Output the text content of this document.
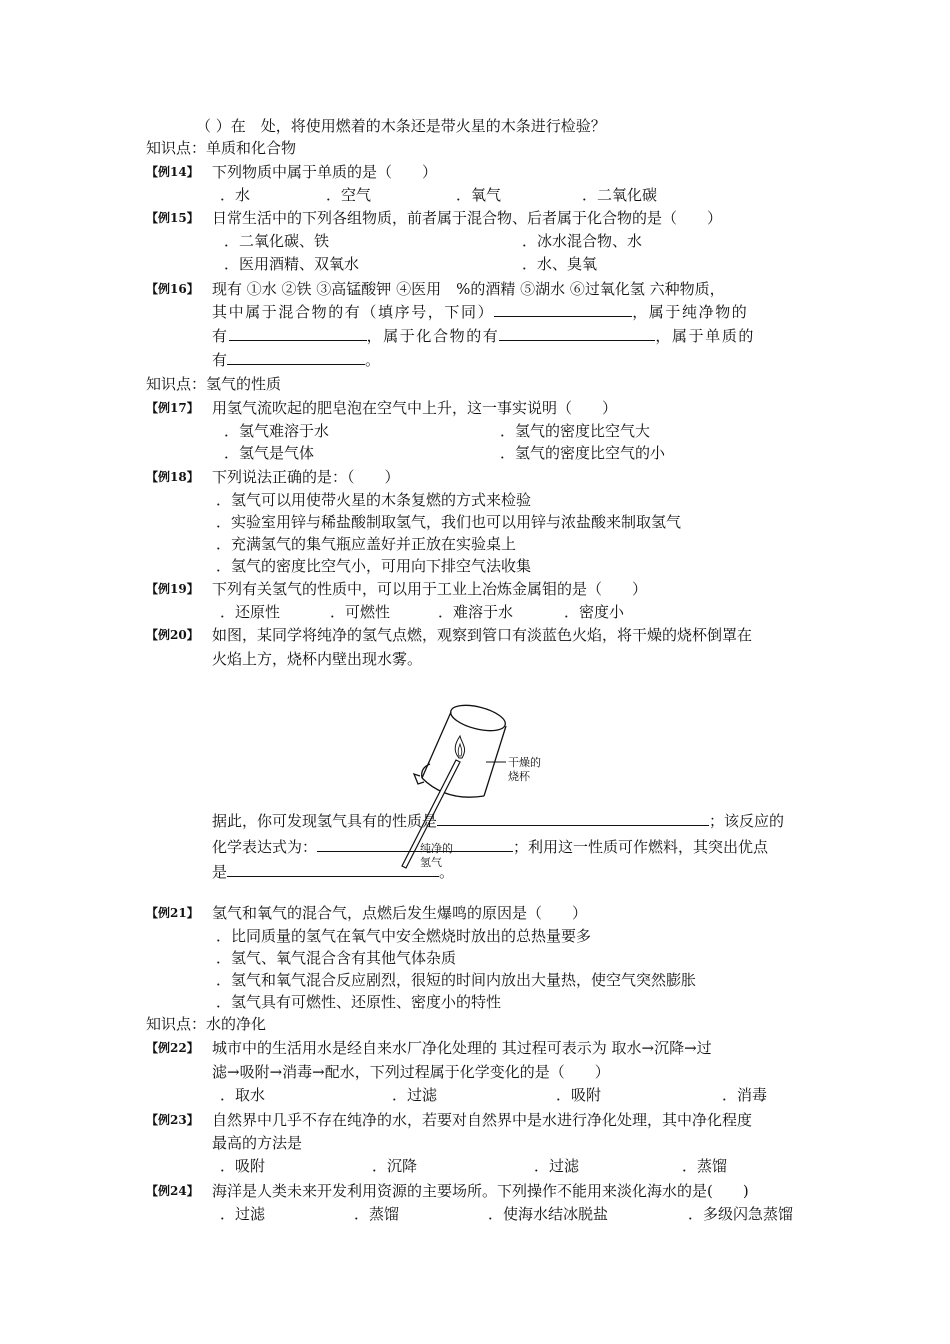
（ ）在　处，将使用燃着的木条还是带火星的木条进行检验？
知识点：单质和化合物
【例14】 下列物质中属于单质的是（　　）
．水	．空气	．氧气	．二氧化碳
【例15】 日常生活中的下列各组物质，前者属于混合物、后者属于化合物的是（　　）
．二氧化碳、铁	．冰水混合物、水
．医用酒精、双氧水	．水、臭氧
【例16】 现有 ①水 ②铁 ③高锰酸钾 ④医用　%的酒精 ⑤湖水 ⑥过氧化氢 六种物质，
其中属于混合物的有（填序号，下同）	，属于纯净物的
有	，属于化合物的有	，属于单质的
有	。
知识点：氢气的性质
【例17】 用氢气流吹起的肥皂泡在空气中上升，这一事实说明（　　）
．氢气难溶于水	．氢气的密度比空气大
．氢气是气体	．氢气的密度比空气的小
【例18】 下列说法正确的是：（　　）
．氢气可以用使带火星的木条复燃的方式来检验
．实验室用锌与稀盐酸制取氢气，我们也可以用锌与浓盐酸来制取氢气
．充满氢气的集气瓶应盖好并正放在实验桌上
．氢气的密度比空气小，可用向下排空气法收集
【例19】 下列有关氢气的性质中，可以用于工业上冶炼金属钼的是（　　）
．还原性	．可燃性	．难溶于水	．密度小
【例20】 如图，某同学将纯净的氢气点燃，观察到管口有淡蓝色火焰，将干燥的烧杯倒罩在
火焰上方，烧杯内壁出现水雾。
干燥的
烧杯
纯净的
氢气
据此，你可发现氢气具有的性质是	；该反应的
化学表达式为：	；利用这一性质可作燃料，其突出优点
是	。
【例21】 氢气和氧气的混合气，点燃后发生爆鸣的原因是（　　）
．比同质量的氢气在氧气中安全燃烧时放出的总热量要多
．氢气、氧气混合含有其他气体杂质
．氢气和氧气混合反应剧烈，很短的时间内放出大量热，使空气突然膨胀
．氢气具有可燃性、还原性、密度小的特性
知识点：水的净化
【例22】 城市中的生活用水是经自来水厂净化处理的 其过程可表示为 取水→沉降→过
滤→吸附→消毒→配水，下列过程属于化学变化的是（　　）
．取水	．过滤	．吸附	．消毒
【例23】 自然界中几乎不存在纯净的水，若要对自然界中是水进行净化处理，其中净化程度
最高的方法是
．吸附	．沉降	．过滤	．蒸馏
【例24】 海洋是人类未来开发利用资源的主要场所。下列操作不能用来淡化海水的是(　　)
．过滤	．蒸馏	．使海水结冰脱盐	．多级闪急蒸馏
